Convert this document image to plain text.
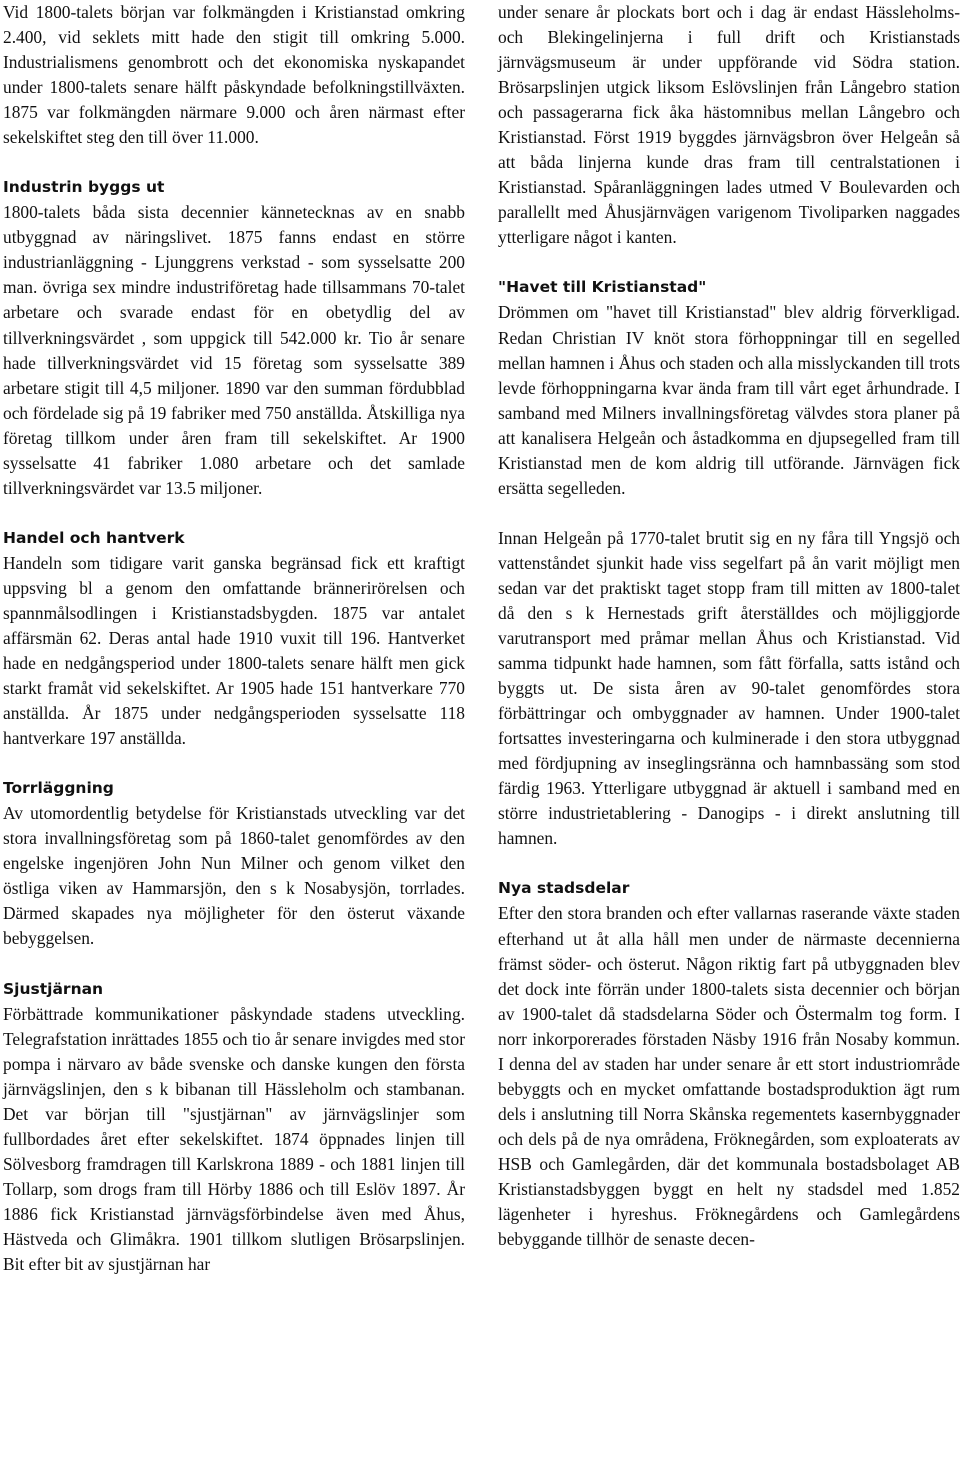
Vid 1800-talets början var folkmängden i Kristianstad omkring 2.400, vid seklets mitt hade den stigit till omkring 5.000. Industrialismens genombrott och det ekonomiska nyskapandet under 1800-talets senare hälft påskyndade befolkningstillväxten. 1875 var folkmängden närmare 9.000 och åren närmast efter sekelskiftet steg den till över 11.000.

Industrin byggs ut

1800-talets båda sista decennier kännetecknas av en snabb utbyggnad av näringslivet. 1875 fanns endast en större industrianläggning - Ljunggrens verkstad - som sysselsatte 200 man. övriga sex mindre industriföretag hade tillsammans 70-talet arbetare och svarade endast för en obetydlig del av tillverkningsvärdet , som uppgick till 542.000 kr. Tio år senare hade tillverkningsvärdet vid 15 företag som sysselsatte 389 arbetare stigit till 4,5 miljoner. 1890 var den summan fördubblad och fördelade sig på 19 fabriker med 750 anställda. Åtskilliga nya företag tillkom under åren fram till sekelskiftet. Ar 1900 sysselsatte 41 fabriker 1.080 arbetare och det samlade tillverkningsvärdet var 13.5 miljoner.

Handel och hantverk

Handeln som tidigare varit ganska begränsad fick ett kraftigt uppsving bl a genom den omfattande brännerirörelsen och spannmålsodlingen i Kristianstadsbygden. 1875 var antalet affärsmän 62. Deras antal hade 1910 vuxit till 196. Hantverket hade en nedgångsperiod under 1800-talets senare hälft men gick starkt framåt vid sekelskiftet. Ar 1905 hade 151 hantverkare 770 anställda. År 1875 under nedgångsperioden sysselsatte 118 hantverkare 197 anställda.

Torrläggning

Av utomordentlig betydelse för Kristianstads utveckling var det stora invallningsföretag som på 1860-talet genomfördes av den engelske ingenjören John Nun Milner och genom vilket den östliga viken av Hammarsjön, den s k Nosabysjön, torrlades. Därmed skapades nya möjligheter för den österut växande bebyggelsen.

Sjustjärnan

Förbättrade kommunikationer påskyndade stadens utveckling. Telegrafstation inrättades 1855 och tio år senare invigdes med stor pompa i närvaro av både svenske och danske kungen den första järnvägslinjen, den s k bibanan till Hässleholm och stambanan. Det var början till "sjustjärnan" av järnvägslinjer som fullbordades året efter sekelskiftet. 1874 öppnades linjen till Sölvesborg framdragen till Karlskrona 1889 - och 1881 linjen till Tollarp, som drogs fram till Hörby 1886 och till Eslöv 1897. År 1886 fick Kristianstad järnvägsförbindelse även med Åhus, Hästveda och Glimåkra. 1901 tillkom slutligen Brösarpslinjen. Bit efter bit av sjustjärnan har

under senare år plockats bort och i dag är endast Hässleholms- och Blekingelinjerna i full drift och Kristianstads järnvägsmuseum är under uppförande vid Södra station. Brösarpslinjen utgick liksom Eslövslinjen från Långebro station och passagerarna fick åka hästomnibus mellan Långebro och Kristianstad. Först 1919 byggdes järnvägsbron över Helgeån så att båda linjerna kunde dras fram till centralstationen i Kristianstad. Spåranläggningen lades utmed V Boulevarden och parallellt med Åhusjärnvägen varigenom Tivoliparken naggades ytterligare något i kanten.

"Havet till Kristianstad"

Drömmen om "havet till Kristianstad" blev aldrig förverkligad. Redan Christian IV knöt stora förhoppningar till en segelled mellan hamnen i Åhus och staden och alla misslyckanden till trots levde förhoppningarna kvar ända fram till vårt eget århundrade. I samband med Milners invallningsföretag välvdes stora planer på att kanalisera Helgeån och åstadkomma en djupsegelled fram till Kristianstad men de kom aldrig till utförande. Järnvägen fick ersätta segelleden.

Innan Helgeån på 1770-talet brutit sig en ny fåra till Yngsjö och vattenståndet sjunkit hade viss segelfart på ån varit möjligt men sedan var det praktiskt taget stopp fram till mitten av 1800-talet då den s k Hernestads grift återställdes och möjliggjorde varutransport med pråmar mellan Åhus och Kristianstad. Vid samma tidpunkt hade hamnen, som fått förfalla, satts istånd och byggts ut. De sista åren av 90-talet genomfördes stora förbättringar och ombyggnader av hamnen. Under 1900-talet fortsattes investeringarna och kulminerade i den stora utbyggnad med fördjupning av inseglingsränna och hamnbassäng som stod färdig 1963. Ytterligare utbyggnad är aktuell i samband med en större industrietablering - Danogips - i direkt anslutning till hamnen.

Nya stadsdelar

Efter den stora branden och efter vallarnas raserande växte staden efterhand ut åt alla håll men under de närmaste decennierna främst söder- och österut. Någon riktig fart på utbyggnaden blev det dock inte förrän under 1800-talets sista decennier och början av 1900-talet då stadsdelarna Söder och Östermalm tog form. I norr inkorporerades förstaden Näsby 1916 från Nosaby kommun. I denna del av staden har under senare år ett stort industriområde bebyggts och en mycket omfattande bostadsproduktion ägt rum dels i anslutning till Norra Skånska regementets kasernbyggnader och dels på de nya områdena, Fröknegården, som exploaterats av HSB och Gamlegården, där det kommunala bostadsbolaget AB Kristianstadsbyggen byggt en helt ny stadsdel med 1.852 lägenheter i hyreshus. Fröknegårdens och Gamlegårdens bebyggande tillhör de senaste decen-
